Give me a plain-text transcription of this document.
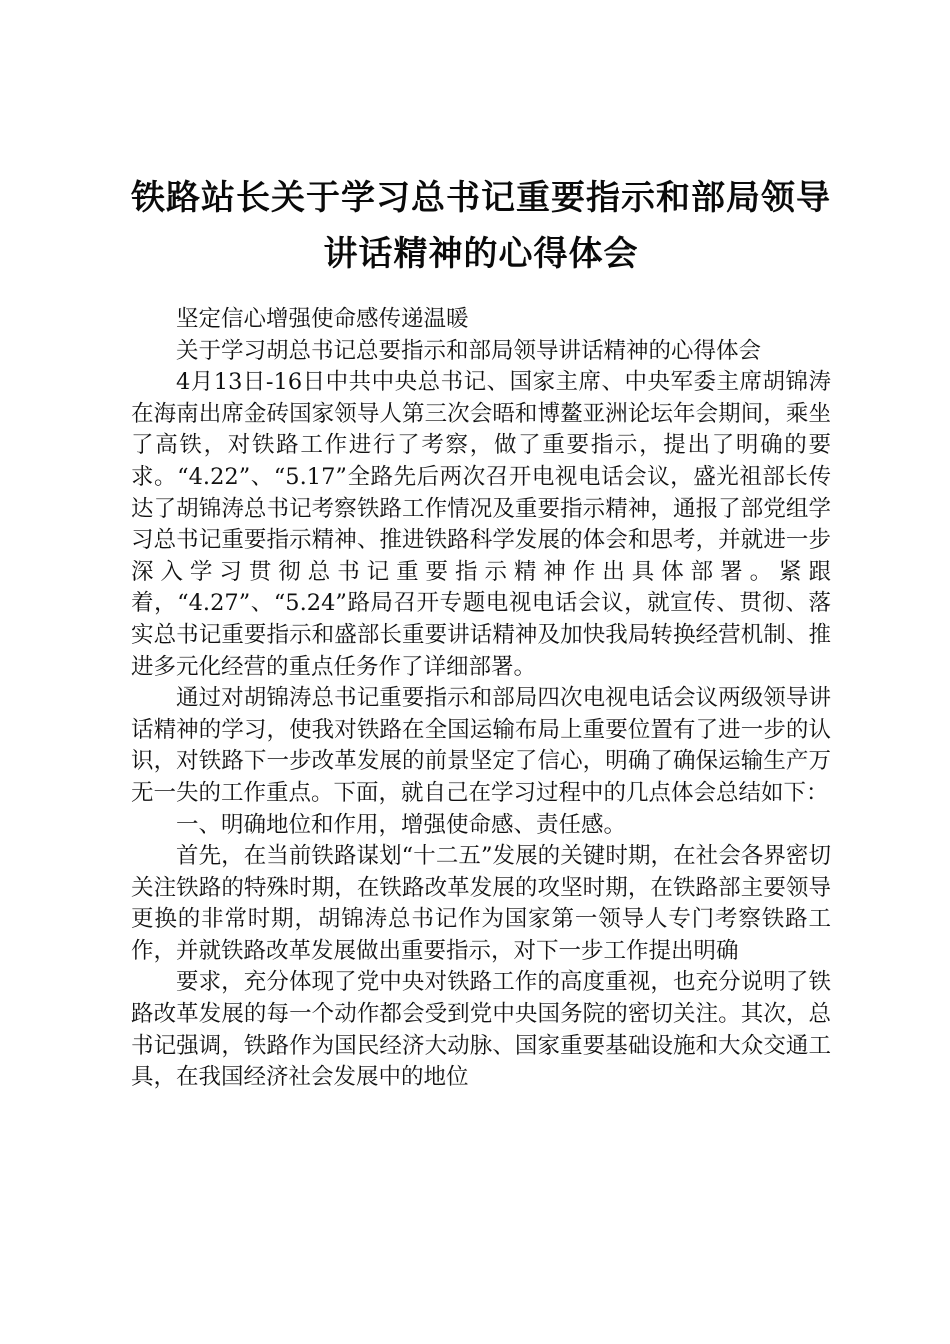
铁路站长关于学习总书记重要指示和部局领导
讲话精神的心得体会

坚定信心增强使命感传递温暖

关于学习胡总书记总要指示和部局领导讲话精神的心得体会

4月13日-16日中共中央总书记、国家主席、中央军委主席胡锦涛在海南出席金砖国家领导人第三次会晤和博鳌亚洲论坛年会期间，乘坐了高铁，对铁路工作进行了考察，做了重要指示，提出了明确的要求。“4.22”、“5.17”全路先后两次召开电视电话会议，盛光祖部长传达了胡锦涛总书记考察铁路工作情况及重要指示精神，通报了部党组学习总书记重要指示精神、推进铁路科学发展的体会和思考，并就进一步深入学习贯彻总书记重要指示精神作出具体部署。紧跟着，“4.27”、“5.24”路局召开专题电视电话会议，就宣传、贯彻、落实总书记重要指示和盛部长重要讲话精神及加快我局转换经营机制、推进多元化经营的重点任务作了详细部署。

通过对胡锦涛总书记重要指示和部局四次电视电话会议两级领导讲话精神的学习，使我对铁路在全国运输布局上重要位置有了进一步的认识，对铁路下一步改革发展的前景坚定了信心，明确了确保运输生产万无一失的工作重点。下面，就自己在学习过程中的几点体会总结如下：

一、明确地位和作用，增强使命感、责任感。

首先，在当前铁路谋划“十二五”发展的关键时期，在社会各界密切关注铁路的特殊时期，在铁路改革发展的攻坚时期，在铁路部主要领导更换的非常时期，胡锦涛总书记作为国家第一领导人专门考察铁路工作，并就铁路改革发展做出重要指示，对下一步工作提出明确

要求，充分体现了党中央对铁路工作的高度重视，也充分说明了铁路改革发展的每一个动作都会受到党中央国务院的密切关注。其次，总书记强调，铁路作为国民经济大动脉、国家重要基础设施和大众交通工具，在我国经济社会发展中的地位
